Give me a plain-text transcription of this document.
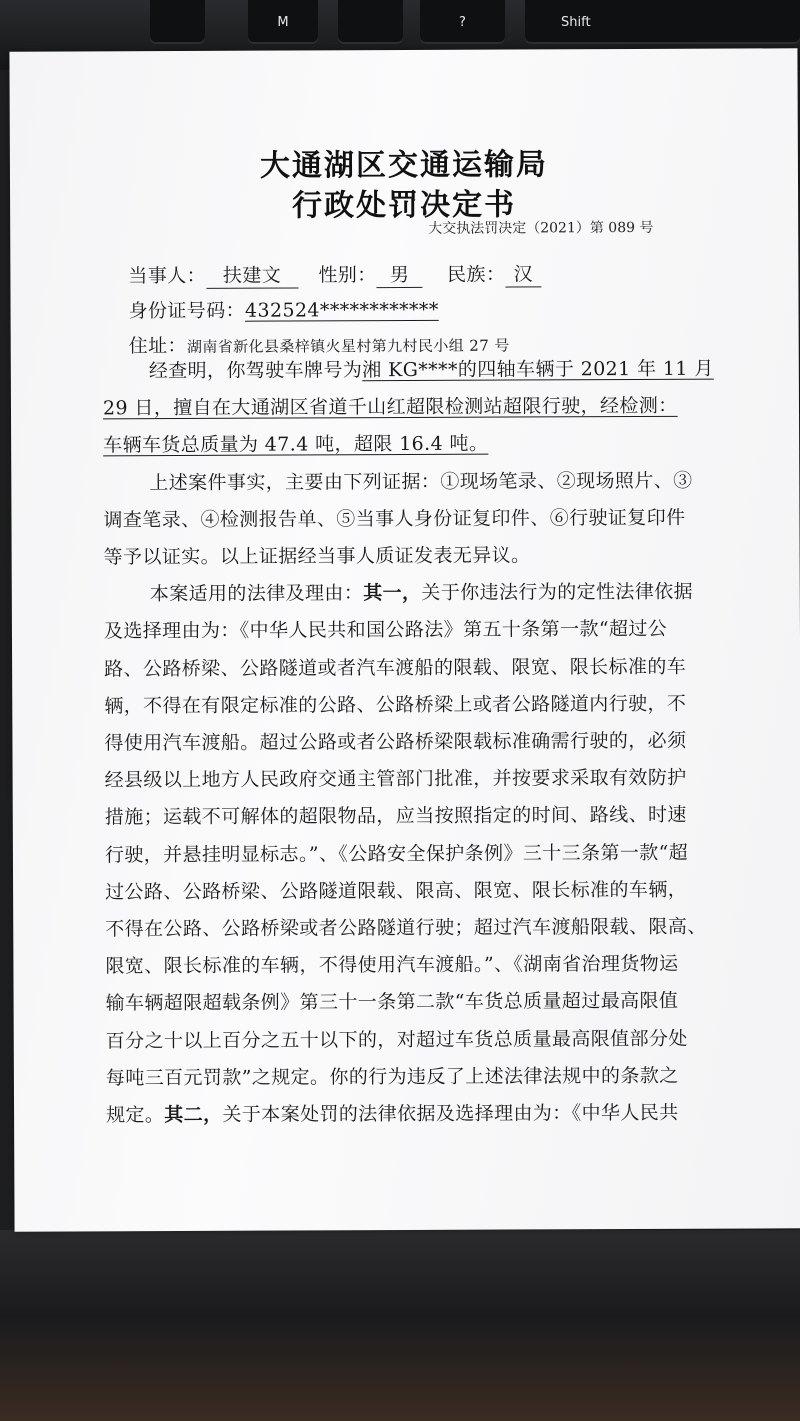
M	?	Shift
大通湖区交通运输局
行政处罚决定书
大交执法罚决定（2021）第 089 号
当事人： 扶建文 性别： 男 民族： 汉
身份证号码：432524************
住址：湖南省新化县桑梓镇火星村第九村民小组 27 号
经查明，你驾驶车牌号为湘 KG****的四轴车辆于 2021 年 11 月
29 日，擅自在大通湖区省道千山红超限检测站超限行驶，经检测：
车辆车货总质量为 47.4 吨，超限 16.4 吨。
上述案件事实，主要由下列证据：①现场笔录、②现场照片、③
调查笔录、④检测报告单、⑤当事人身份证复印件、⑥行驶证复印件
等予以证实。以上证据经当事人质证发表无异议。
本案适用的法律及理由：其一，关于你违法行为的定性法律依据
及选择理由为：《中华人民共和国公路法》第五十条第一款“超过公
路、公路桥梁、公路隧道或者汽车渡船的限载、限宽、限长标准的车
辆，不得在有限定标准的公路、公路桥梁上或者公路隧道内行驶，不
得使用汽车渡船。超过公路或者公路桥梁限载标准确需行驶的，必须
经县级以上地方人民政府交通主管部门批准，并按要求采取有效防护
措施；运载不可解体的超限物品，应当按照指定的时间、路线、时速
行驶，并悬挂明显标志。”、《公路安全保护条例》三十三条第一款“超
过公路、公路桥梁、公路隧道限载、限高、限宽、限长标准的车辆，
不得在公路、公路桥梁或者公路隧道行驶；超过汽车渡船限载、限高、
限宽、限长标准的车辆，不得使用汽车渡船。”、《湖南省治理货物运
输车辆超限超载条例》第三十一条第二款“车货总质量超过最高限值
百分之十以上百分之五十以下的，对超过车货总质量最高限值部分处
每吨三百元罚款”之规定。你的行为违反了上述法律法规中的条款之
规定。其二，关于本案处罚的法律依据及选择理由为：《中华人民共
